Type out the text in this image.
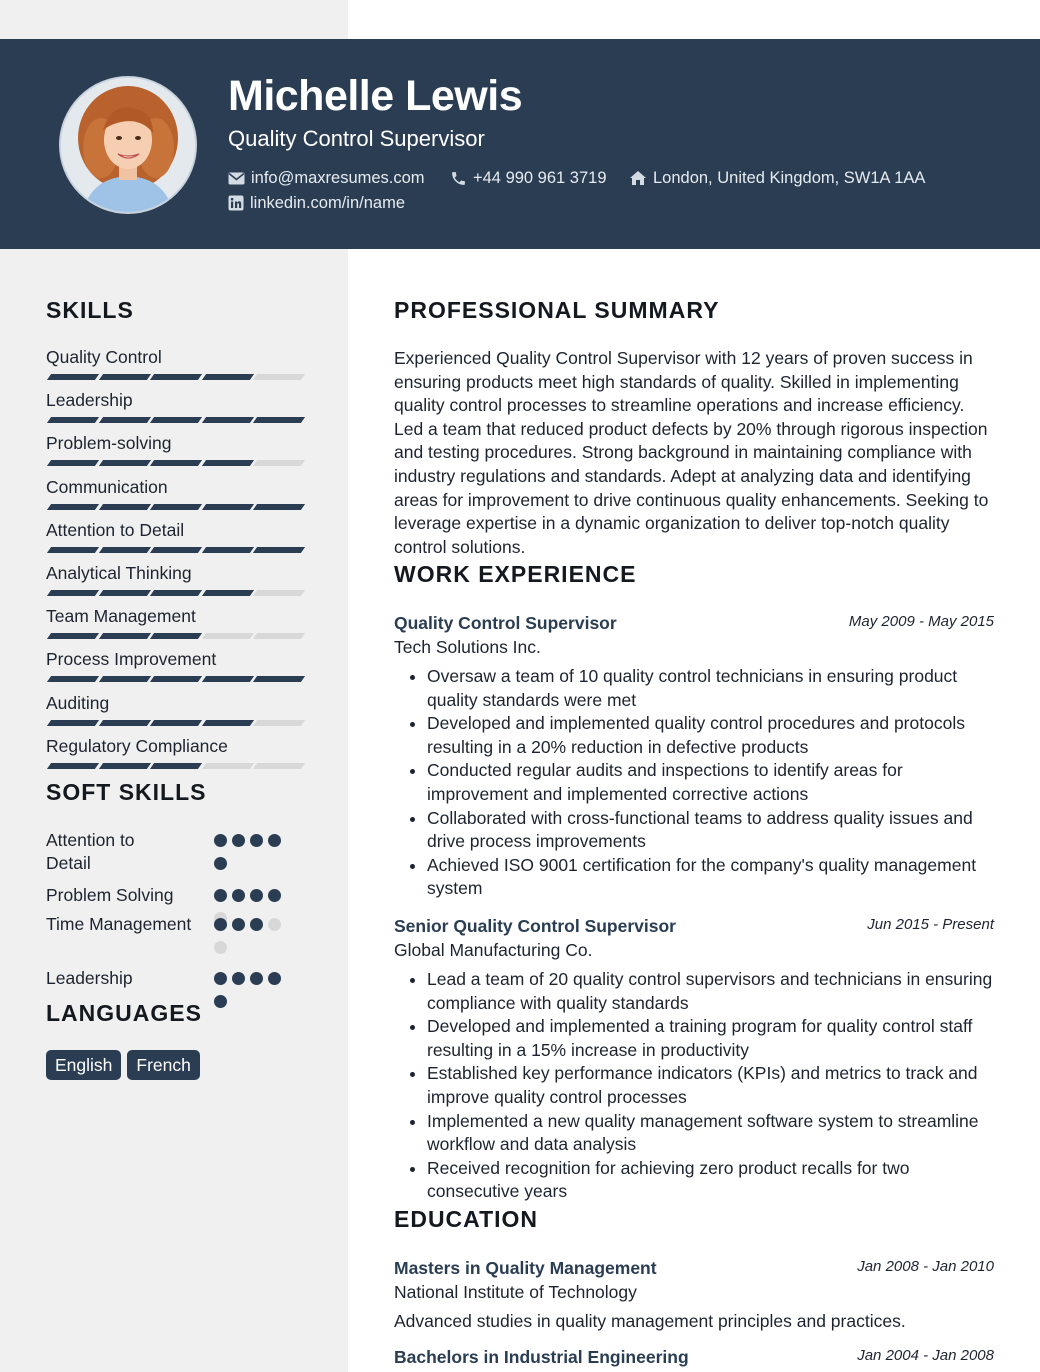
Michelle Lewis
Quality Control Supervisor
info@maxresumes.com	+44 990 961 3719	London, United Kingdom, SW1A 1AA
linkedin.com/in/name
SKILLS
Quality Control
Leadership
Problem-solving
Communication
Attention to Detail
Analytical Thinking
Team Management
Process Improvement
Auditing
Regulatory Compliance
SOFT SKILLS
Attention to Detail
Problem Solving
Time Management
Leadership
LANGUAGES
English	French
PROFESSIONAL SUMMARY

Experienced Quality Control Supervisor with 12 years of proven success in ensuring products meet high standards of quality. Skilled in implementing quality control processes to streamline operations and increase efficiency. Led a team that reduced product defects by 20% through rigorous inspection and testing procedures. Strong background in maintaining compliance with industry regulations and standards. Adept at analyzing data and identifying areas for improvement to drive continuous quality enhancements. Seeking to leverage expertise in a dynamic organization to deliver top-notch quality control solutions.

WORK EXPERIENCE
Quality Control Supervisor	May 2009 - May 2015
Tech Solutions Inc.
• Oversaw a team of 10 quality control technicians in ensuring product quality standards were met
• Developed and implemented quality control procedures and protocols resulting in a 20% reduction in defective products
• Conducted regular audits and inspections to identify areas for improvement and implemented corrective actions
• Collaborated with cross-functional teams to address quality issues and drive process improvements
• Achieved ISO 9001 certification for the company's quality management system
Senior Quality Control Supervisor	Jun 2015 - Present
Global Manufacturing Co.
• Lead a team of 20 quality control supervisors and technicians in ensuring compliance with quality standards
• Developed and implemented a training program for quality control staff resulting in a 15% increase in productivity
• Established key performance indicators (KPIs) and metrics to track and improve quality control processes
• Implemented a new quality management software system to streamline workflow and data analysis
• Received recognition for achieving zero product recalls for two consecutive years
EDUCATION
Masters in Quality Management	Jan 2008 - Jan 2010
National Institute of Technology
Advanced studies in quality management principles and practices.
Bachelors in Industrial Engineering	Jan 2004 - Jan 2008
